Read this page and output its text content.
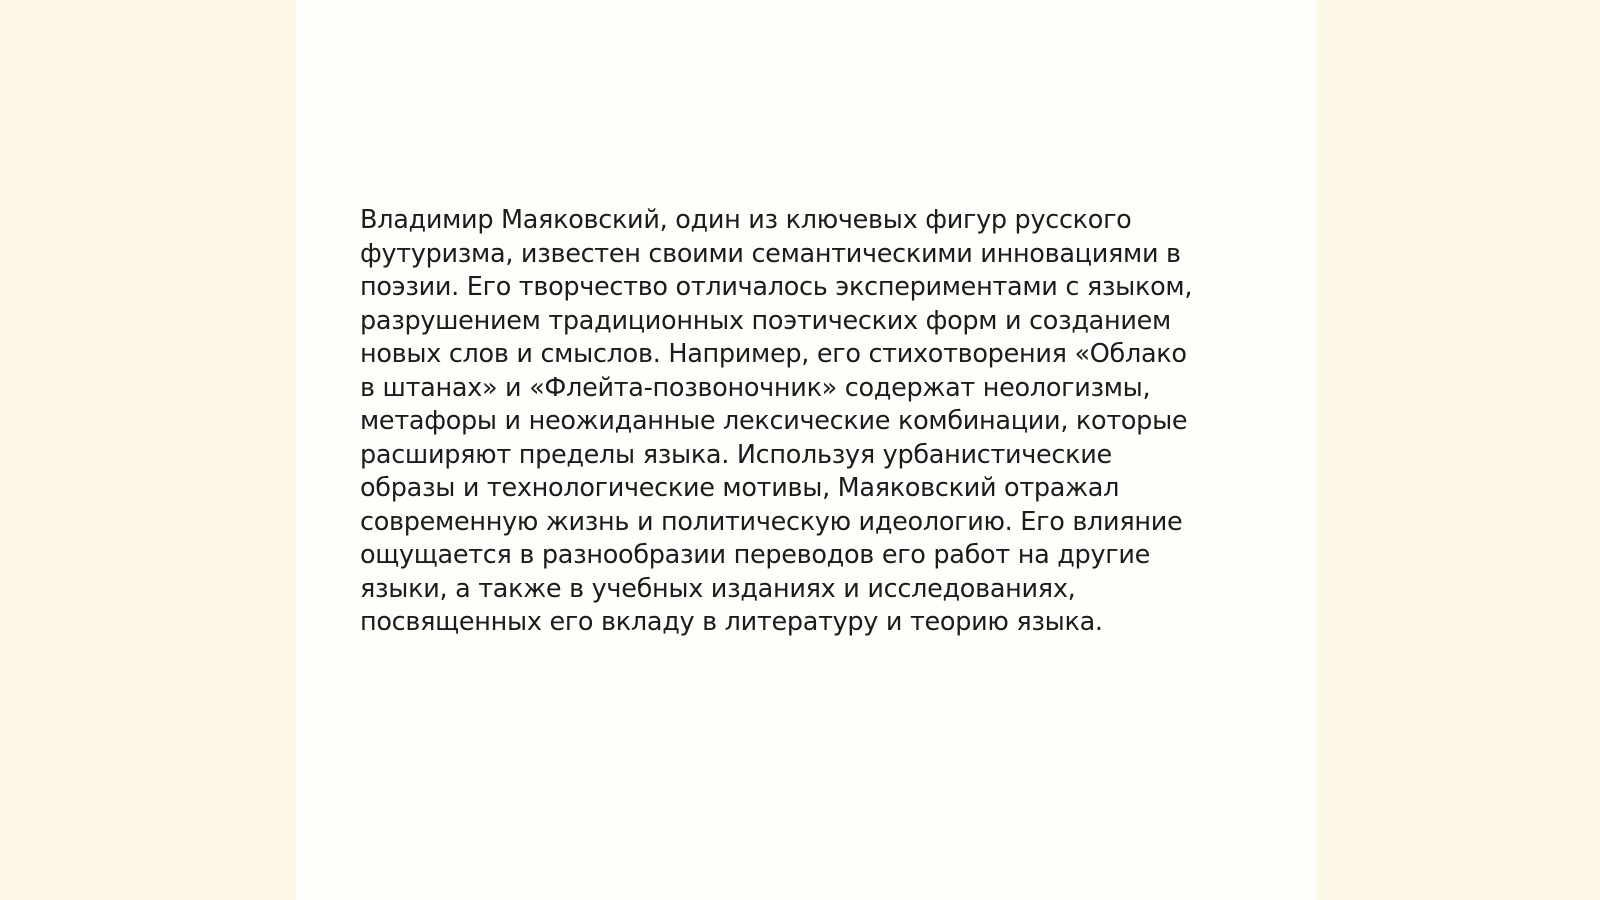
Владимир Маяковский, один из ключевых фигур русского
футуризма, известен своими семантическими инновациями в
поэзии. Его творчество отличалось экспериментами с языком,
разрушением традиционных поэтических форм и созданием
новых слов и смыслов. Например, его стихотворения «Облако
в штанах» и «Флейта-позвоночник» содержат неологизмы,
метафоры и неожиданные лексические комбинации, которые
расширяют пределы языка. Используя урбанистические
образы и технологические мотивы, Маяковский отражал
современную жизнь и политическую идеологию. Его влияние
ощущается в разнообразии переводов его работ на другие
языки, а также в учебных изданиях и исследованиях,
посвященных его вкладу в литературу и теорию языка.
